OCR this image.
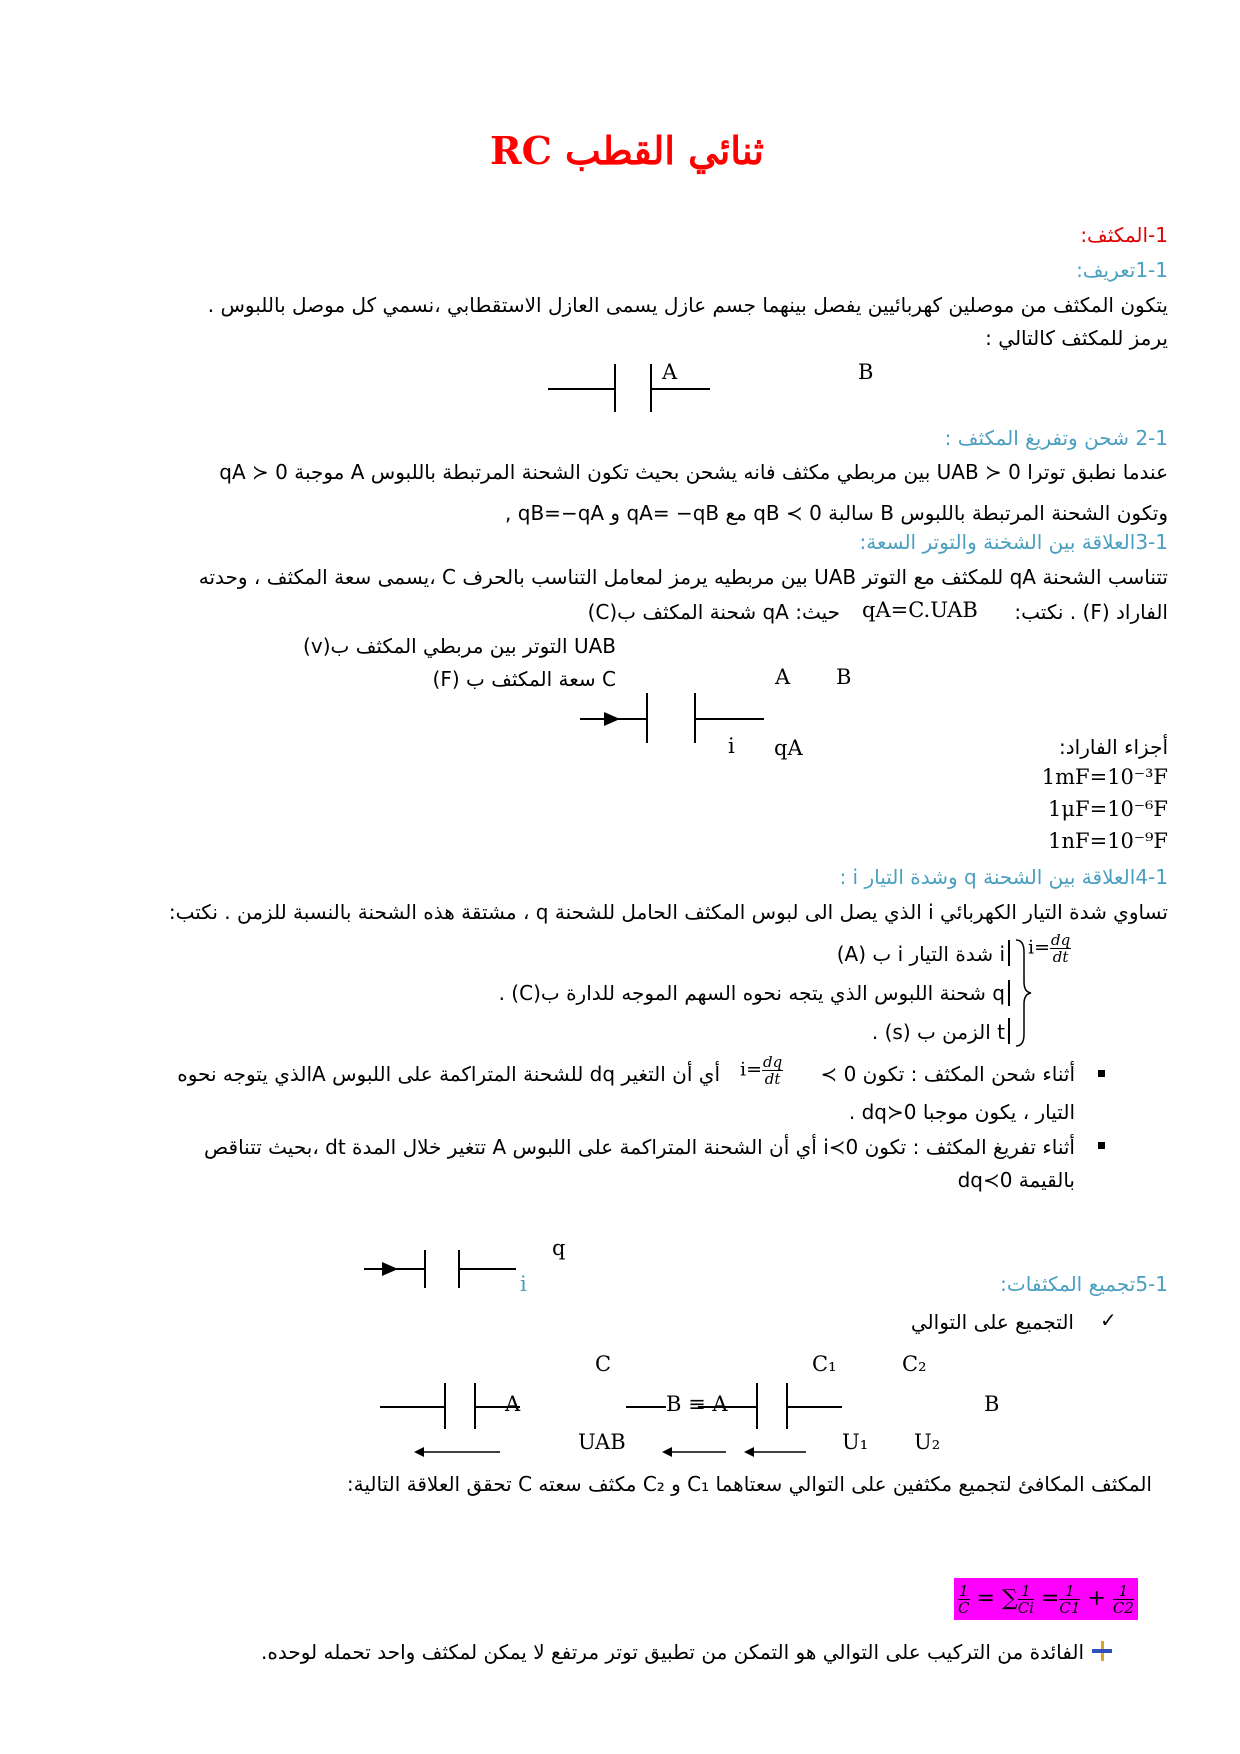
ثنائي القطب RC
1-المكثف:
1-1تعريف:
يتكون المكثف من موصلين كهربائيين يفصل بينهما جسم عازل يسمى العازل الاستقطابي ،نسمي كل موصل باللبوس .
يرمز للمكثف كالتالي :
A	B
2-1 شحن وتفريغ المكثف :
عندما نطبق توترا UAB ≻ 0 بين مربطي مكثف فانه يشحن بحيث تكون الشحنة المرتبطة باللبوس A موجبة qA ≻ 0
وتكون الشحنة المرتبطة باللبوس B سالبة qB ≺ 0 مع qA= −qB و qB=−qA ,
3-1العلاقة بين الشخنة والتوتر السعة:
تتناسب الشحنة qA للمكثف مع التوتر UAB بين مربطيه يرمز لمعامل التناسب بالحرف C ،يسمى سعة المكثف ، وحدته
الفاراد (F) . نكتب:
qA=C.UAB
حيث: qA شحنة المكثف ب(C)
UAB التوتر بين مربطي المكثف ب(v)
C سعة المكثف ب (F)	A B
i qA	أجزاء الفاراد:
1mF=10⁻³F
1μF=10⁻⁶F
1nF=10⁻⁹F
4-1العلاقة بين الشحنة q وشدة التيار i :
تساوي شدة التيار الكهربائي i الذي يصل الى لبوس المكثف الحامل للشحنة q ، مشتقة هذه الشحنة بالنسبة للزمن . نكتب:
$i= \frac{dq}{dt}$
i شدة التيار i ب (A)
q شحنة اللبوس الذي يتجه نحوه السهم الموجه للدارة ب(C) .
t الزمن ب (s) .
أثناء شحن المكثف : تكون 0 ≻
$i= \frac{dq}{dt}$
أي أن التغير dq للشحنة المتراكمة على اللبوس Aالذي يتوجه نحوه
التيار ، يكون موجبا dq≻0 .
أثناء تفريغ المكثف : تكون i≺0 أي أن الشحنة المتراكمة على اللبوس A تتغير خلال المدة dt ،بحيث تتناقص
بالقيمة dq≺0
q
i	5-1تجميع المكثفات:
✓
التجميع على التوالي
C	C₁	C₂
A	B ≡ A	B
UAB	U₁ U₂
المكثف المكافئ لتجميع مكثفين على التوالي سعتاهما C₁ و C₂ مكثف سعته C تحقق العلاقة التالية:
$\frac{1}{C}$ = ∑ $\frac{1}{Ci} = \frac{1}{C1} + \frac{1}{C2}$
الفائدة من التركيب على التوالي هو التمكن من تطبيق توتر مرتفع لا يمكن لمكثف واحد تحمله لوحده.
